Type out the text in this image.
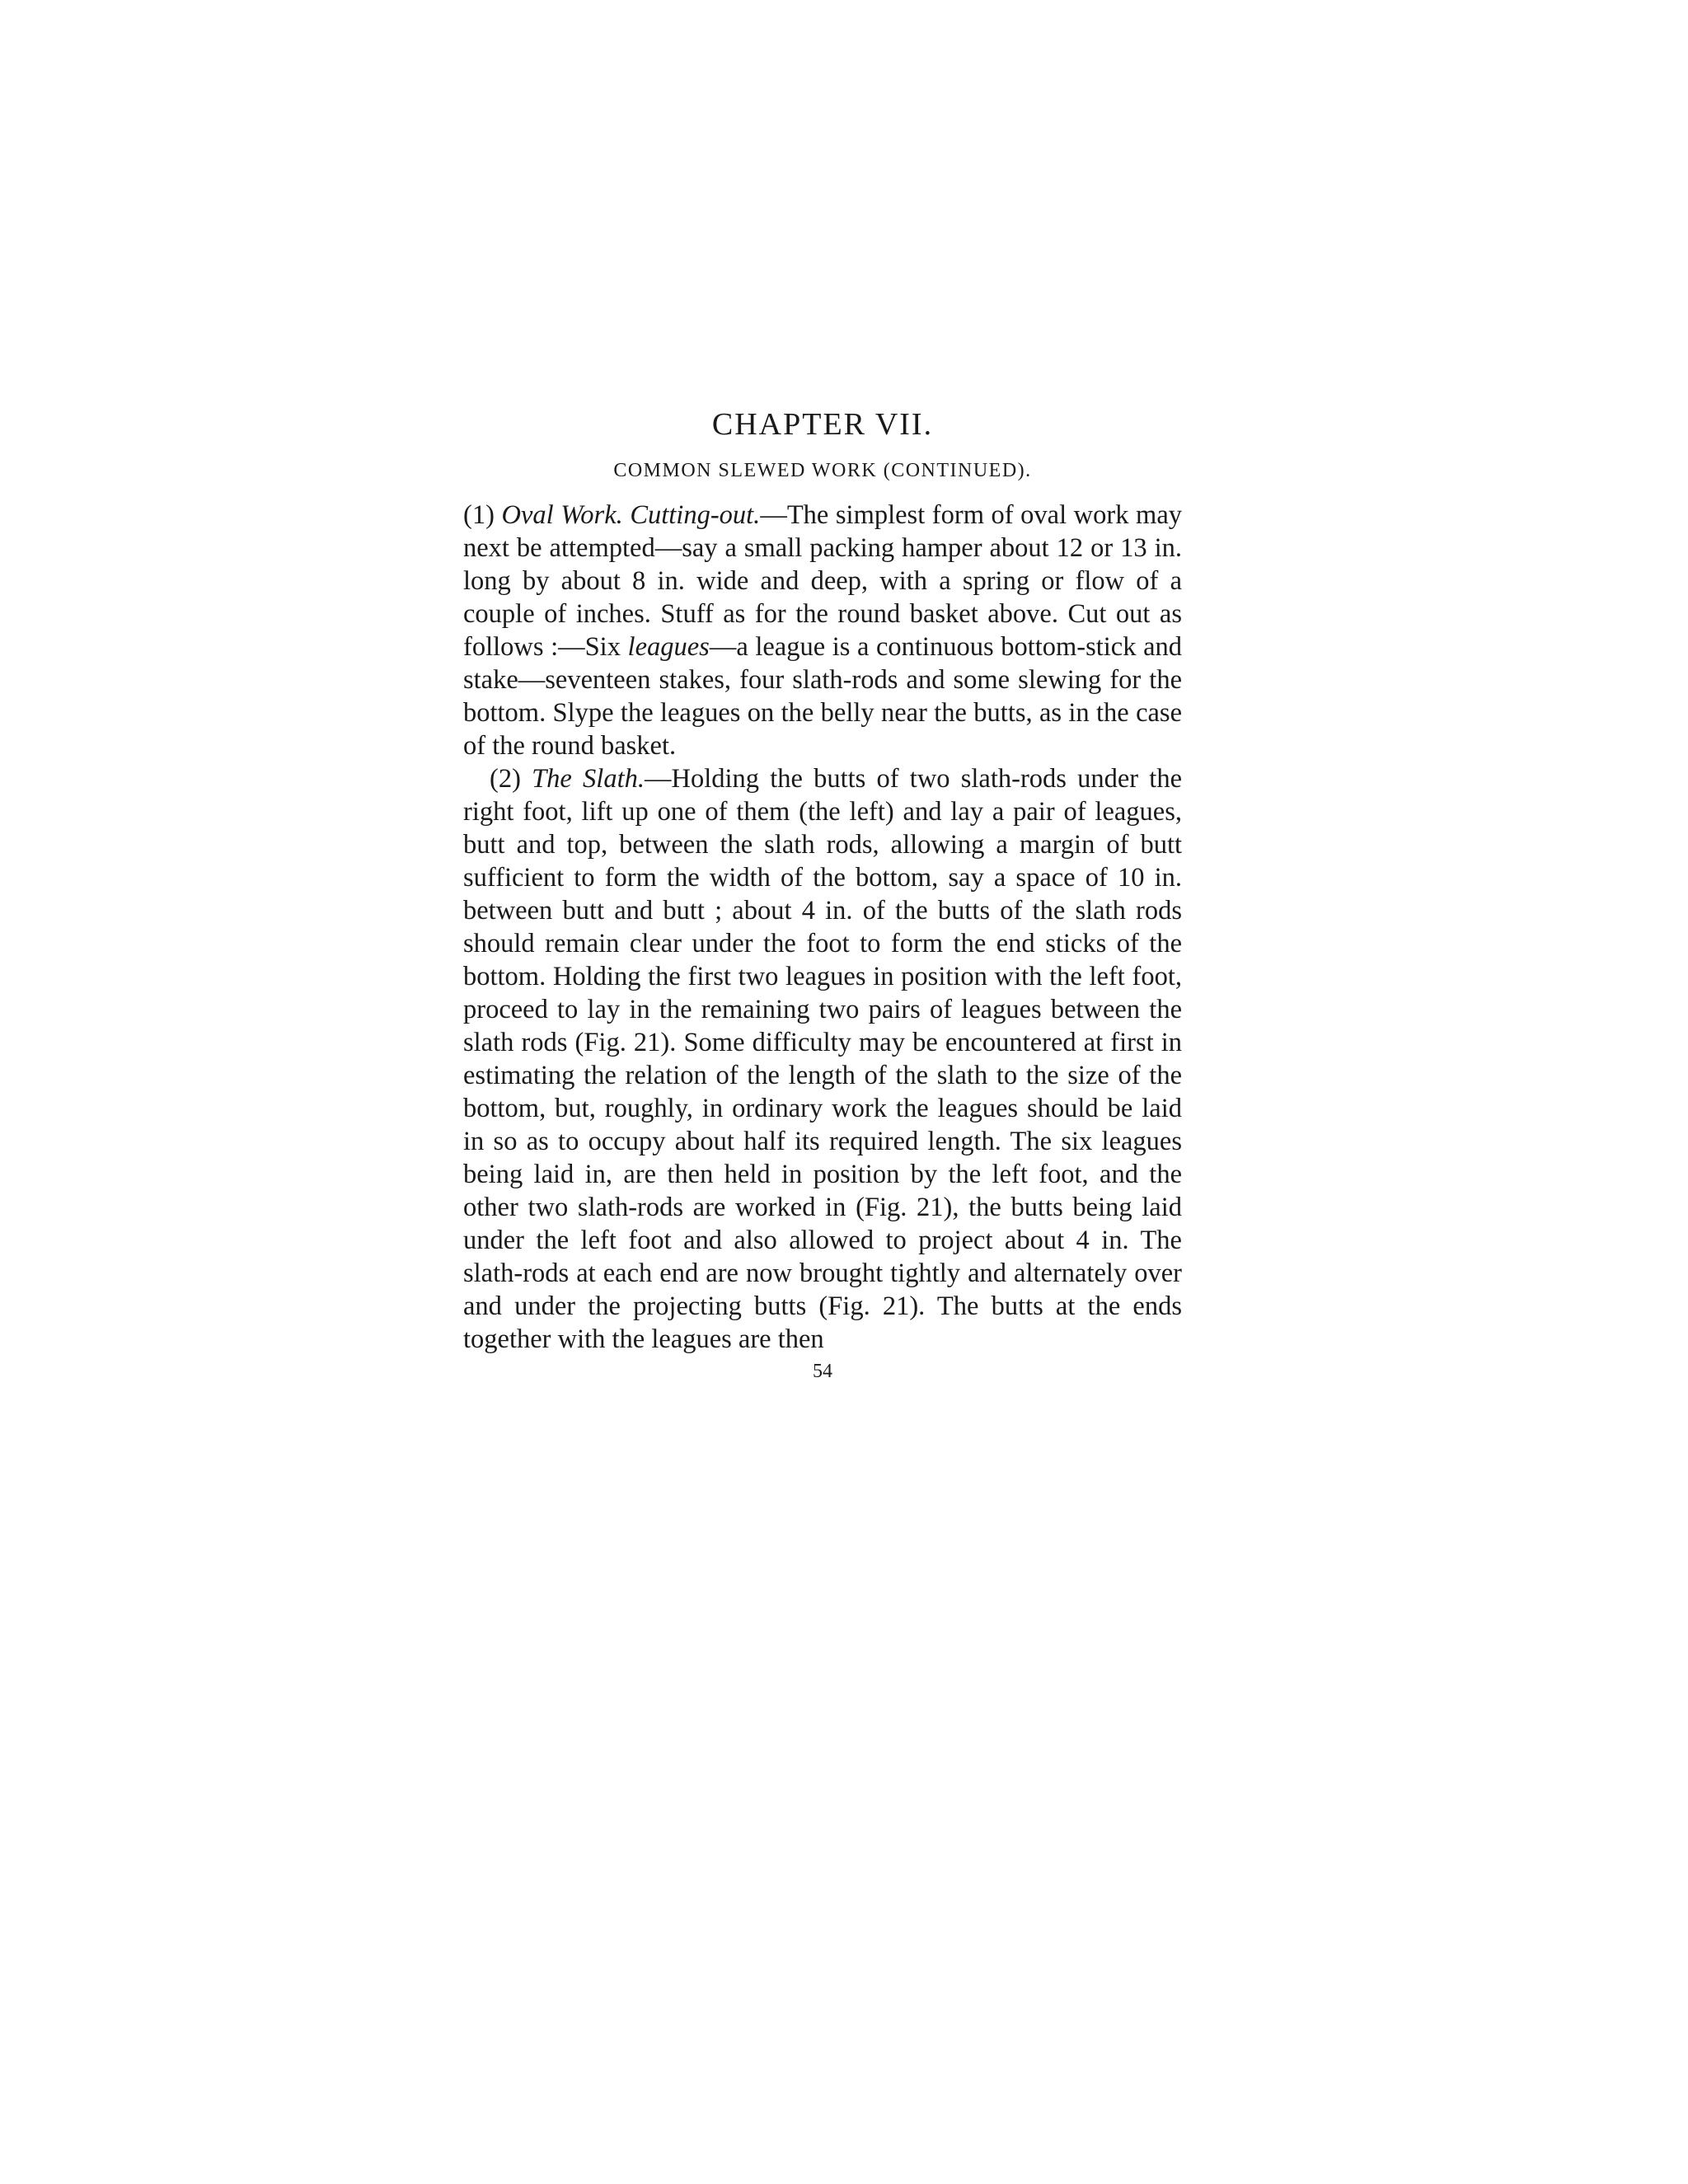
CHAPTER VII.
COMMON SLEWED WORK (CONTINUED).

(1) Oval Work. Cutting-out.—The simplest form of oval work may next be attempted—say a small packing hamper about 12 or 13 in. long by about 8 in. wide and deep, with a spring or flow of a couple of inches. Stuff as for the round basket above. Cut out as follows :—Six leagues—a league is a continuous bottom-stick and stake—seventeen stakes, four slath-rods and some slewing for the bottom. Slype the leagues on the belly near the butts, as in the case of the round basket.

(2) The Slath.—Holding the butts of two slath-rods under the right foot, lift up one of them (the left) and lay a pair of leagues, butt and top, between the slath rods, allowing a margin of butt sufficient to form the width of the bottom, say a space of 10 in. between butt and butt ; about 4 in. of the butts of the slath rods should remain clear under the foot to form the end sticks of the bottom. Holding the first two leagues in position with the left foot, proceed to lay in the remaining two pairs of leagues between the slath rods (Fig. 21). Some difficulty may be encountered at first in estimating the relation of the length of the slath to the size of the bottom, but, roughly, in ordinary work the leagues should be laid in so as to occupy about half its required length. The six leagues being laid in, are then held in position by the left foot, and the other two slath-rods are worked in (Fig. 21), the butts being laid under the left foot and also allowed to project about 4 in. The slath-rods at each end are now brought tightly and alternately over and under the projecting butts (Fig. 21). The butts at the ends together with the leagues are then

54
